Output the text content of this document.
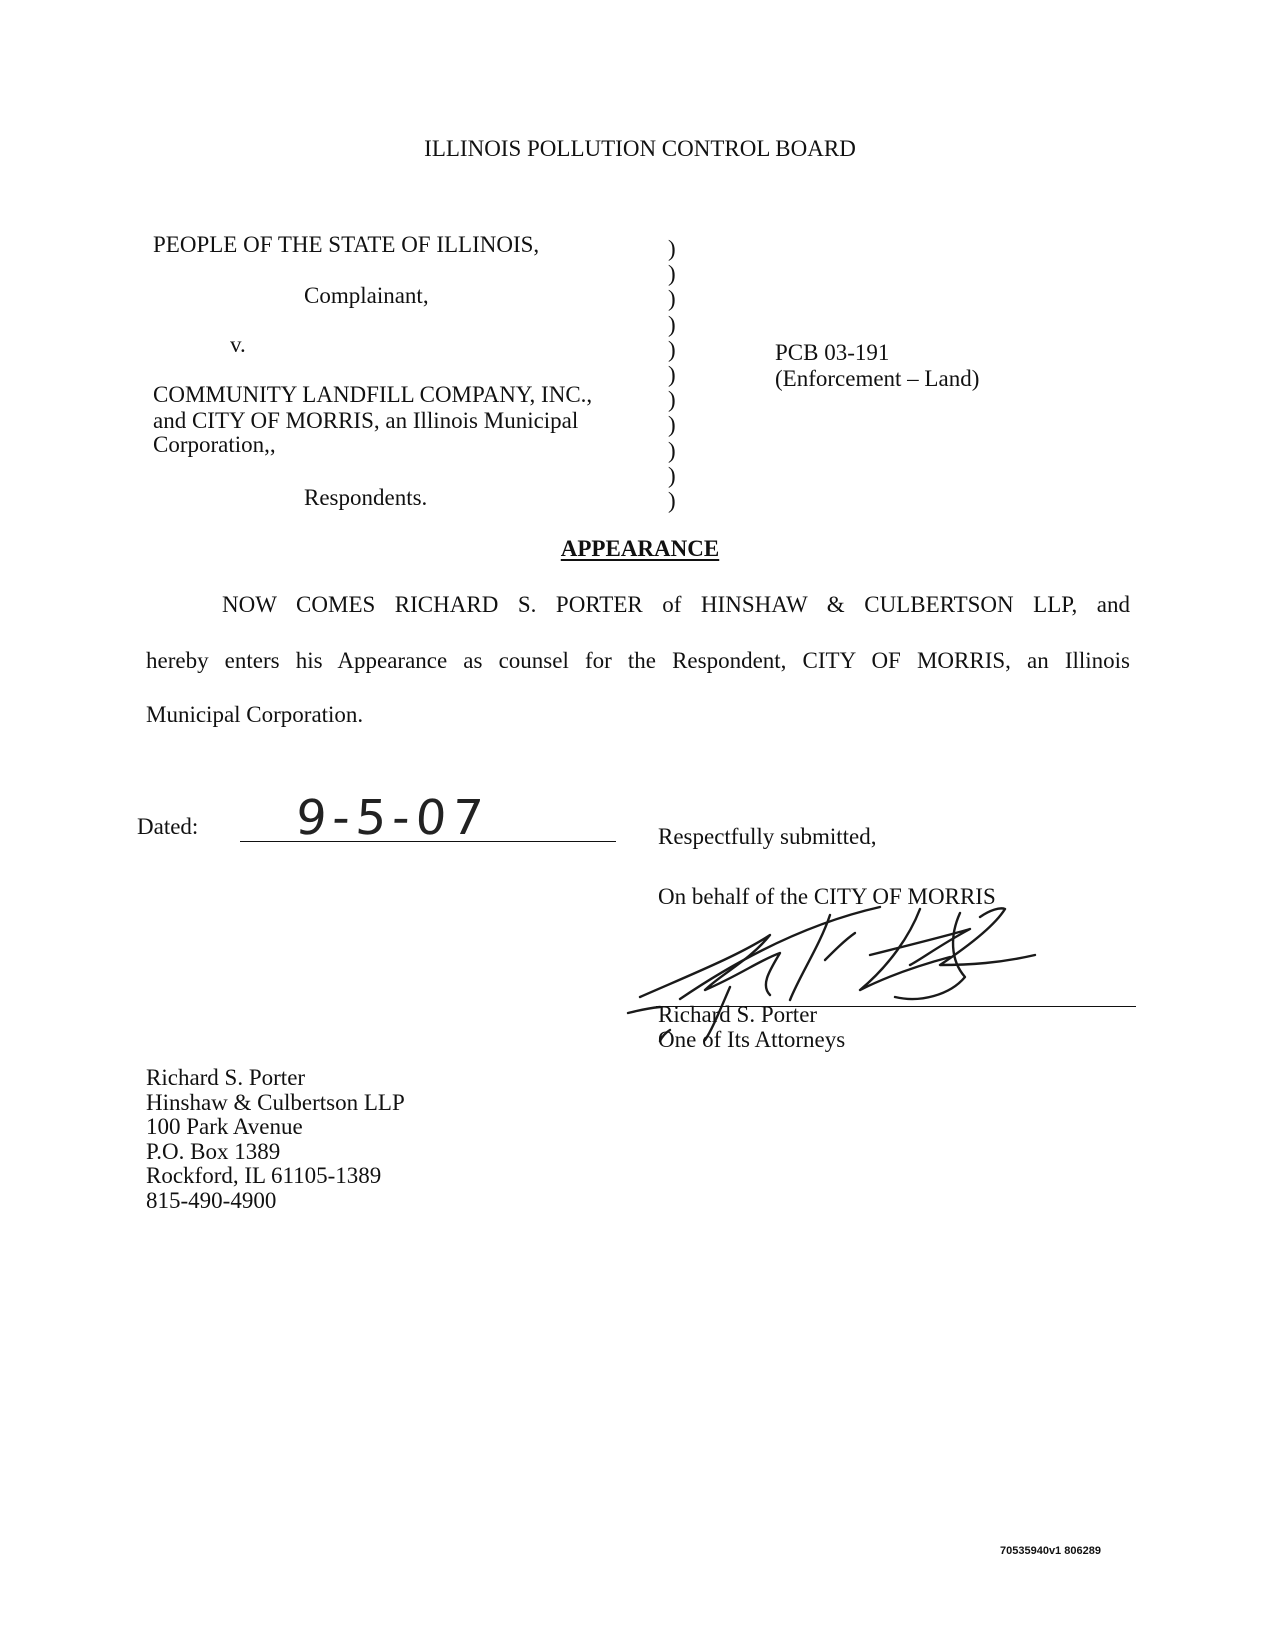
ILLINOIS POLLUTION CONTROL BOARD
PEOPLE OF THE STATE OF ILLINOIS,
Complainant,
v.
COMMUNITY LANDFILL COMPANY, INC.,
and CITY OF MORRIS, an Illinois Municipal
Corporation,,
Respondents.
)
)
)
)
)
)
)
)
)
)
)
PCB 03-191
(Enforcement – Land)
APPEARANCE
NOW COMES RICHARD S. PORTER of HINSHAW & CULBERTSON LLP, and
hereby enters his Appearance as counsel for the Respondent, CITY OF MORRIS, an Illinois
Municipal Corporation.
Dated: 9-5-07	Respectfully submitted,
On behalf of the CITY OF MORRIS
Richard S. Porter
One of Its Attorneys
Richard S. Porter
Hinshaw & Culbertson LLP
100 Park Avenue
P.O. Box 1389
Rockford, IL 61105-1389
815-490-4900
70535940v1 806289
